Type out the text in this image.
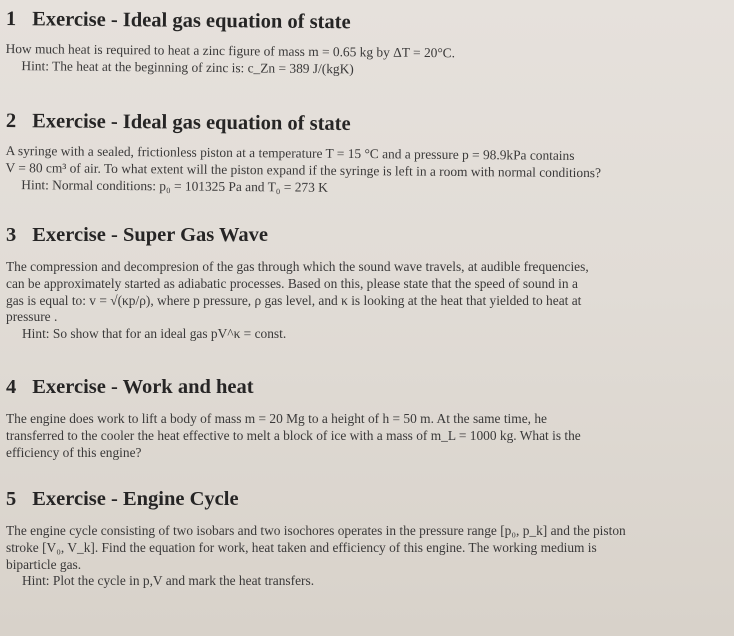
1 Exercise - Ideal gas equation of state
How much heat is required to heat a zinc figure of mass m = 0.65 kg by ΔT = 20°C.
Hint: The heat at the beginning of zinc is: c_Zn = 389 J/(kgK)
2 Exercise - Ideal gas equation of state
A syringe with a sealed, frictionless piston at a temperature T = 15 °C and a pressure p = 98.9kPa contains
V = 80 cm³ of air. To what extent will the piston expand if the syringe is left in a room with normal conditions?
Hint: Normal conditions: p₀ = 101325 Pa and T₀ = 273 K
3 Exercise - Super Gas Wave
The compression and decompresion of the gas through which the sound wave travels, at audible frequencies,
can be approximately started as adiabatic processes. Based on this, please state that the speed of sound in a
gas is equal to: v = √(κp/ρ), where p pressure, ρ gas level, and κ is looking at the heat that yielded to heat at
pressure .
Hint: So show that for an ideal gas pV^κ = const.
4 Exercise - Work and heat
The engine does work to lift a body of mass m = 20 Mg to a height of h = 50 m. At the same time, he
transferred to the cooler the heat effective to melt a block of ice with a mass of m_L = 1000 kg. What is the
efficiency of this engine?
5 Exercise - Engine Cycle
The engine cycle consisting of two isobars and two isochores operates in the pressure range [p₀, p_k] and the piston
stroke [V₀, V_k]. Find the equation for work, heat taken and efficiency of this engine. The working medium is
biparticle gas.
Hint: Plot the cycle in p,V and mark the heat transfers.
